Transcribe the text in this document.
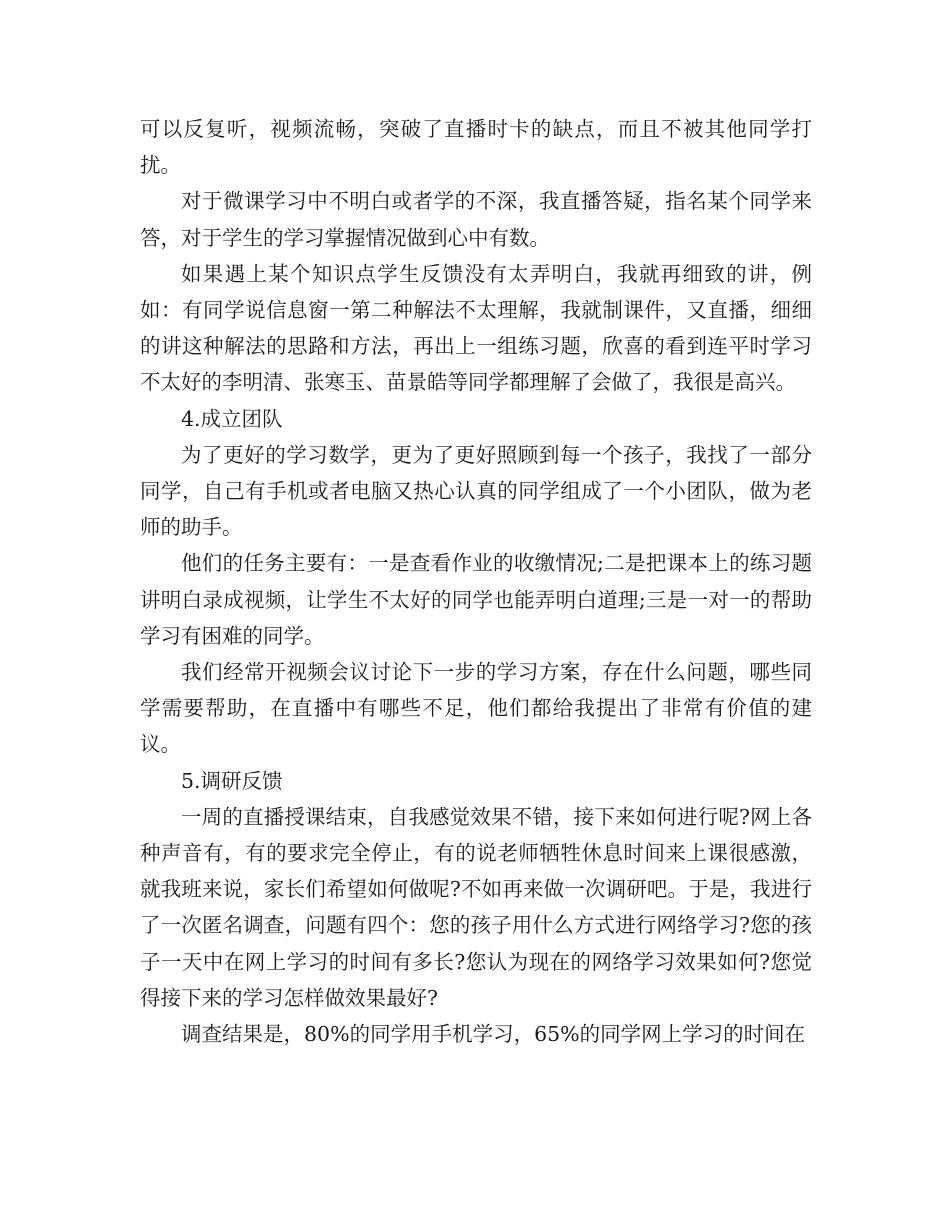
可以反复听，视频流畅，突破了直播时卡的缺点，而且不被其他同学打扰。

对于微课学习中不明白或者学的不深，我直播答疑，指名某个同学来答，对于学生的学习掌握情况做到心中有数。

如果遇上某个知识点学生反馈没有太弄明白，我就再细致的讲，例如：有同学说信息窗一第二种解法不太理解，我就制课件，又直播，细细的讲这种解法的思路和方法，再出上一组练习题，欣喜的看到连平时学习不太好的李明清、张寒玉、苗景皓等同学都理解了会做了，我很是高兴。

4.成立团队

为了更好的学习数学，更为了更好照顾到每一个孩子，我找了一部分同学，自己有手机或者电脑又热心认真的同学组成了一个小团队，做为老师的助手。

他们的任务主要有：一是查看作业的收缴情况;二是把课本上的练习题讲明白录成视频，让学生不太好的同学也能弄明白道理;三是一对一的帮助学习有困难的同学。

我们经常开视频会议讨论下一步的学习方案，存在什么问题，哪些同学需要帮助，在直播中有哪些不足，他们都给我提出了非常有价值的建议。

5.调研反馈

一周的直播授课结束，自我感觉效果不错，接下来如何进行呢?网上各种声音有，有的要求完全停止，有的说老师牺牲休息时间来上课很感激，就我班来说，家长们希望如何做呢?不如再来做一次调研吧。于是，我进行了一次匿名调查，问题有四个：您的孩子用什么方式进行网络学习?您的孩子一天中在网上学习的时间有多长?您认为现在的网络学习效果如何?您觉得接下来的学习怎样做效果最好?

调查结果是，80%的同学用手机学习，65%的同学网上学习的时间在
